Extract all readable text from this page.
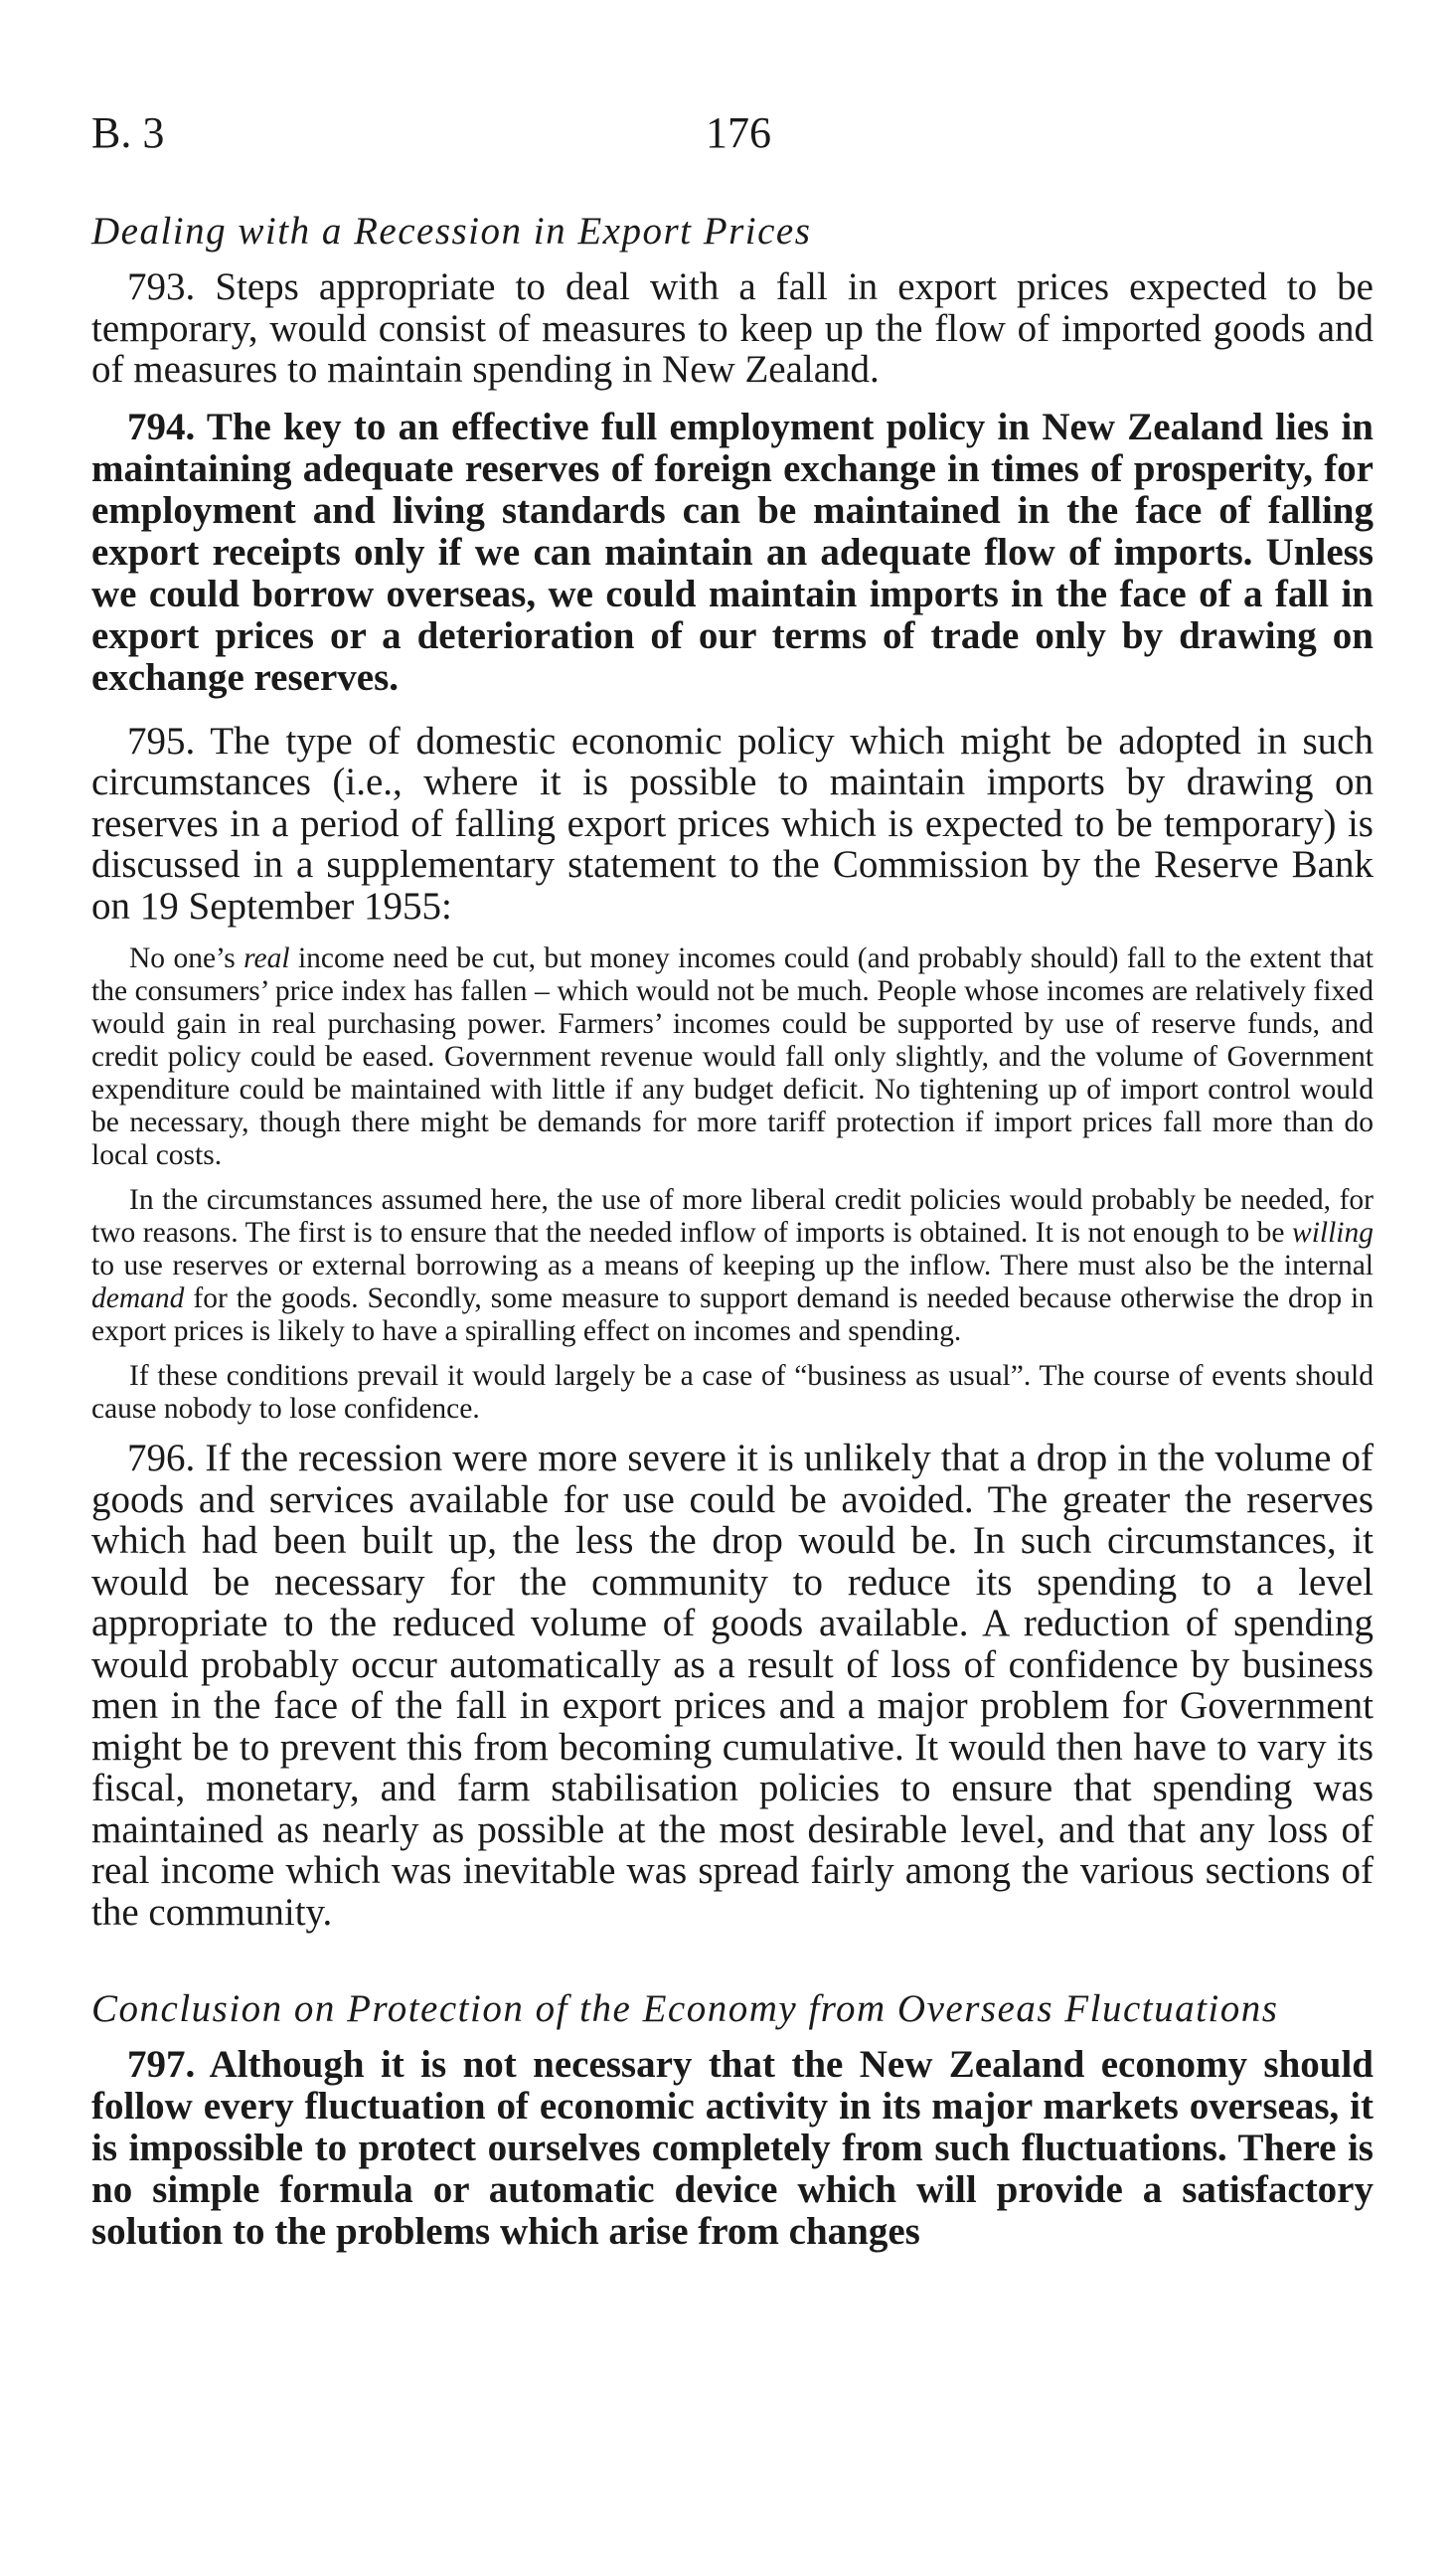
B. 3	176
Dealing with a Recession in Export Prices

793. Steps appropriate to deal with a fall in export prices expected to be temporary, would consist of measures to keep up the flow of imported goods and of measures to maintain spending in New Zealand.

794. The key to an effective full employment policy in New Zealand lies in maintaining adequate reserves of foreign exchange in times of prosperity, for employment and living standards can be maintained in the face of falling export receipts only if we can maintain an adequate flow of imports. Unless we could borrow overseas, we could maintain imports in the face of a fall in export prices or a deterioration of our terms of trade only by drawing on exchange reserves.

795. The type of domestic economic policy which might be adopted in such circumstances (i.e., where it is possible to maintain imports by drawing on reserves in a period of falling export prices which is expected to be temporary) is discussed in a supplementary statement to the Commission by the Reserve Bank on 19 September 1955:

No one’s real income need be cut, but money incomes could (and probably should) fall to the extent that the consumers’ price index has fallen – which would not be much. People whose incomes are relatively fixed would gain in real purchasing power. Farmers’ incomes could be supported by use of reserve funds, and credit policy could be eased. Government revenue would fall only slightly, and the volume of Government expenditure could be maintained with little if any budget deficit. No tightening up of import control would be necessary, though there might be demands for more tariff protection if import prices fall more than do local costs.

In the circumstances assumed here, the use of more liberal credit policies would probably be needed, for two reasons. The first is to ensure that the needed inflow of imports is obtained. It is not enough to be willing to use reserves or external borrowing as a means of keeping up the inflow. There must also be the internal demand for the goods. Secondly, some measure to support demand is needed because otherwise the drop in export prices is likely to have a spiralling effect on incomes and spending.

If these conditions prevail it would largely be a case of “business as usual”. The course of events should cause nobody to lose confidence.

796. If the recession were more severe it is unlikely that a drop in the volume of goods and services available for use could be avoided. The greater the reserves which had been built up, the less the drop would be. In such circumstances, it would be necessary for the community to reduce its spending to a level appropriate to the reduced volume of goods available. A reduction of spending would probably occur automatically as a result of loss of confidence by business men in the face of the fall in export prices and a major problem for Government might be to prevent this from becoming cumulative. It would then have to vary its fiscal, monetary, and farm stabilisation policies to ensure that spending was maintained as nearly as possible at the most desirable level, and that any loss of real income which was inevitable was spread fairly among the various sections of the community.

Conclusion on Protection of the Economy from Overseas Fluctuations

797. Although it is not necessary that the New Zealand economy should follow every fluctuation of economic activity in its major markets overseas, it is impossible to protect ourselves completely from such fluctuations. There is no simple formula or automatic device which will provide a satisfactory solution to the problems which arise from changes
